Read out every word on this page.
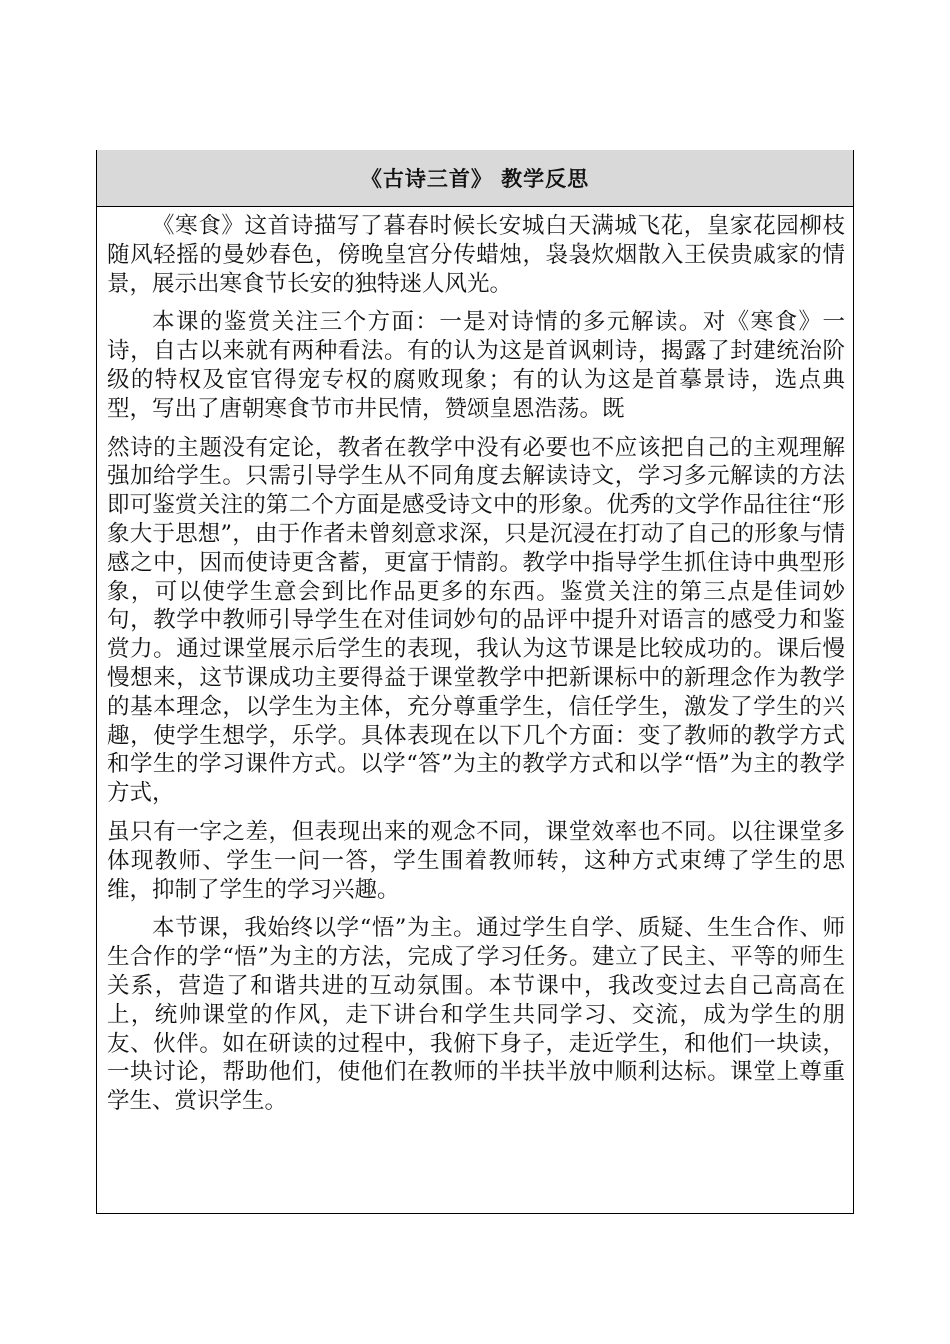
《古诗三首》 教学反思

《寒食》这首诗描写了暮春时候长安城白天满城飞花，皇家花园柳枝随风轻摇的曼妙春色，傍晚皇宫分传蜡烛，袅袅炊烟散入王侯贵戚家的情景，展示出寒食节长安的独特迷人风光。

本课的鉴赏关注三个方面：一是对诗情的多元解读。对《寒食》一诗，自古以来就有两种看法。有的认为这是首讽刺诗，揭露了封建统治阶级的特权及宦官得宠专权的腐败现象；有的认为这是首摹景诗，选点典型，写出了唐朝寒食节市井民情，赞颂皇恩浩荡。既

然诗的主题没有定论，教者在教学中没有必要也不应该把自己的主观理解强加给学生。只需引导学生从不同角度去解读诗文，学习多元解读的方法即可鉴赏关注的第二个方面是感受诗文中的形象。优秀的文学作品往往“形象大于思想”，由于作者未曾刻意求深，只是沉浸在打动了自己的形象与情感之中，因而使诗更含蓄，更富于情韵。教学中指导学生抓住诗中典型形象，可以使学生意会到比作品更多的东西。鉴赏关注的第三点是佳词妙句，教学中教师引导学生在对佳词妙句的品评中提升对语言的感受力和鉴赏力。通过课堂展示后学生的表现，我认为这节课是比较成功的。课后慢慢想来，这节课成功主要得益于课堂教学中把新课标中的新理念作为教学的基本理念，以学生为主体，充分尊重学生，信任学生，激发了学生的兴趣，使学生想学，乐学。具体表现在以下几个方面：变了教师的教学方式和学生的学习课件方式。以学“答”为主的教学方式和以学“悟”为主的教学方式，

虽只有一字之差，但表现出来的观念不同，课堂效率也不同。以往课堂多体现教师、学生一问一答，学生围着教师转，这种方式束缚了学生的思维，抑制了学生的学习兴趣。

本节课，我始终以学“悟”为主。通过学生自学、质疑、生生合作、师生合作的学“悟”为主的方法，完成了学习任务。建立了民主、平等的师生关系，营造了和谐共进的互动氛围。本节课中，我改变过去自己高高在上，统帅课堂的作风，走下讲台和学生共同学习、交流，成为学生的朋友、伙伴。如在研读的过程中，我俯下身子，走近学生，和他们一块读，一块讨论，帮助他们，使他们在教师的半扶半放中顺利达标。课堂上尊重学生、赏识学生。
